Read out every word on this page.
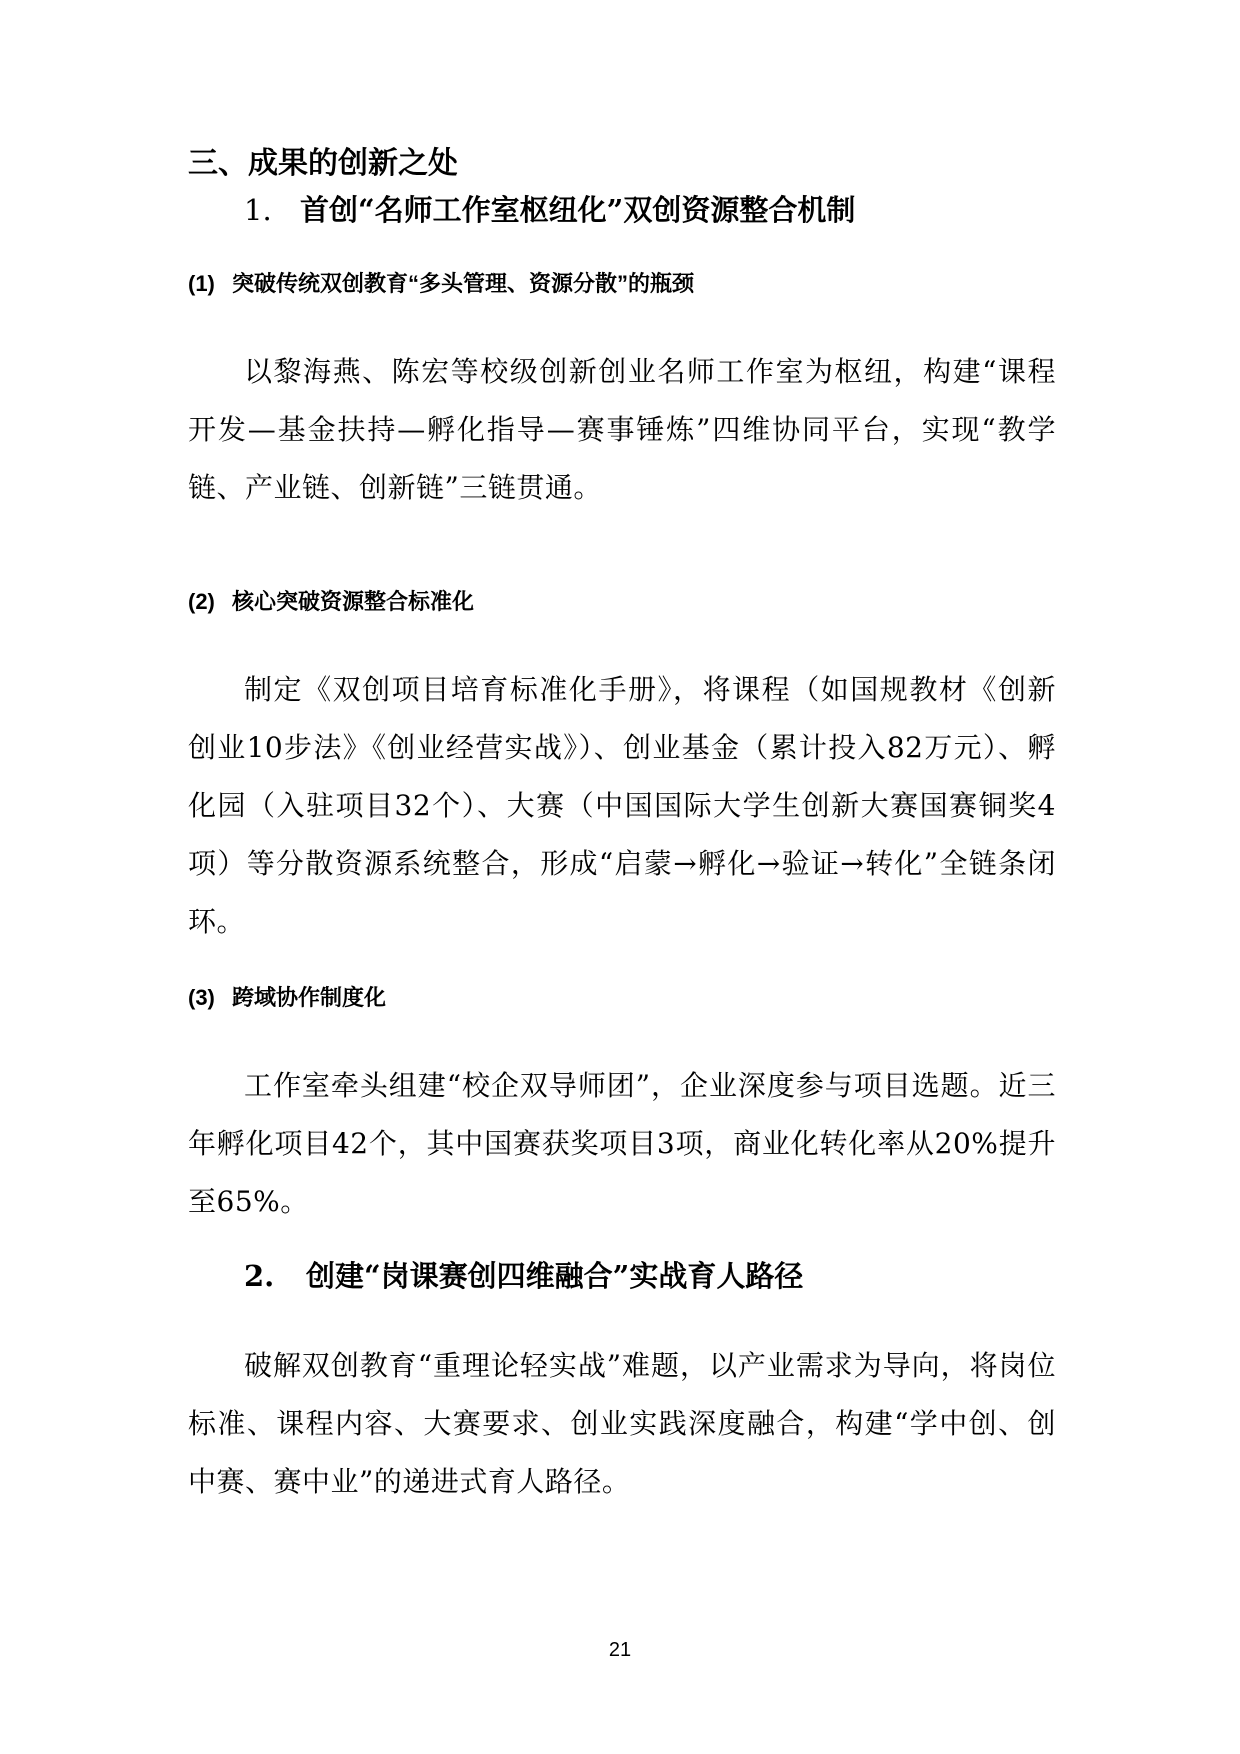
三、成果的创新之处
1. 首创“名师工作室枢纽化”双创资源整合机制
(1) 突破传统双创教育“多头管理、资源分散”的瓶颈

以黎海燕、陈宏等校级创新创业名师工作室为枢纽，构建“课程开发—基金扶持—孵化指导—赛事锤炼”四维协同平台，实现“教学链、产业链、创新链”三链贯通。

(2) 核心突破资源整合标准化

制定《双创项目培育标准化手册》，将课程（如国规教材《创新创业10步法》《创业经营实战》）、创业基金（累计投入82万元）、孵化园（入驻项目32个）、大赛（中国国际大学生创新大赛国赛铜奖4项）等分散资源系统整合，形成“启蒙→孵化→验证→转化”全链条闭环。

(3) 跨域协作制度化

工作室牵头组建“校企双导师团”，企业深度参与项目选题。近三年孵化项目42个，其中国赛获奖项目3项，商业化转化率从20%提升至65%。

2. 创建“岗课赛创四维融合”实战育人路径

破解双创教育“重理论轻实战”难题，以产业需求为导向，将岗位标准、课程内容、大赛要求、创业实践深度融合，构建“学中创、创中赛、赛中业”的递进式育人路径。

21
